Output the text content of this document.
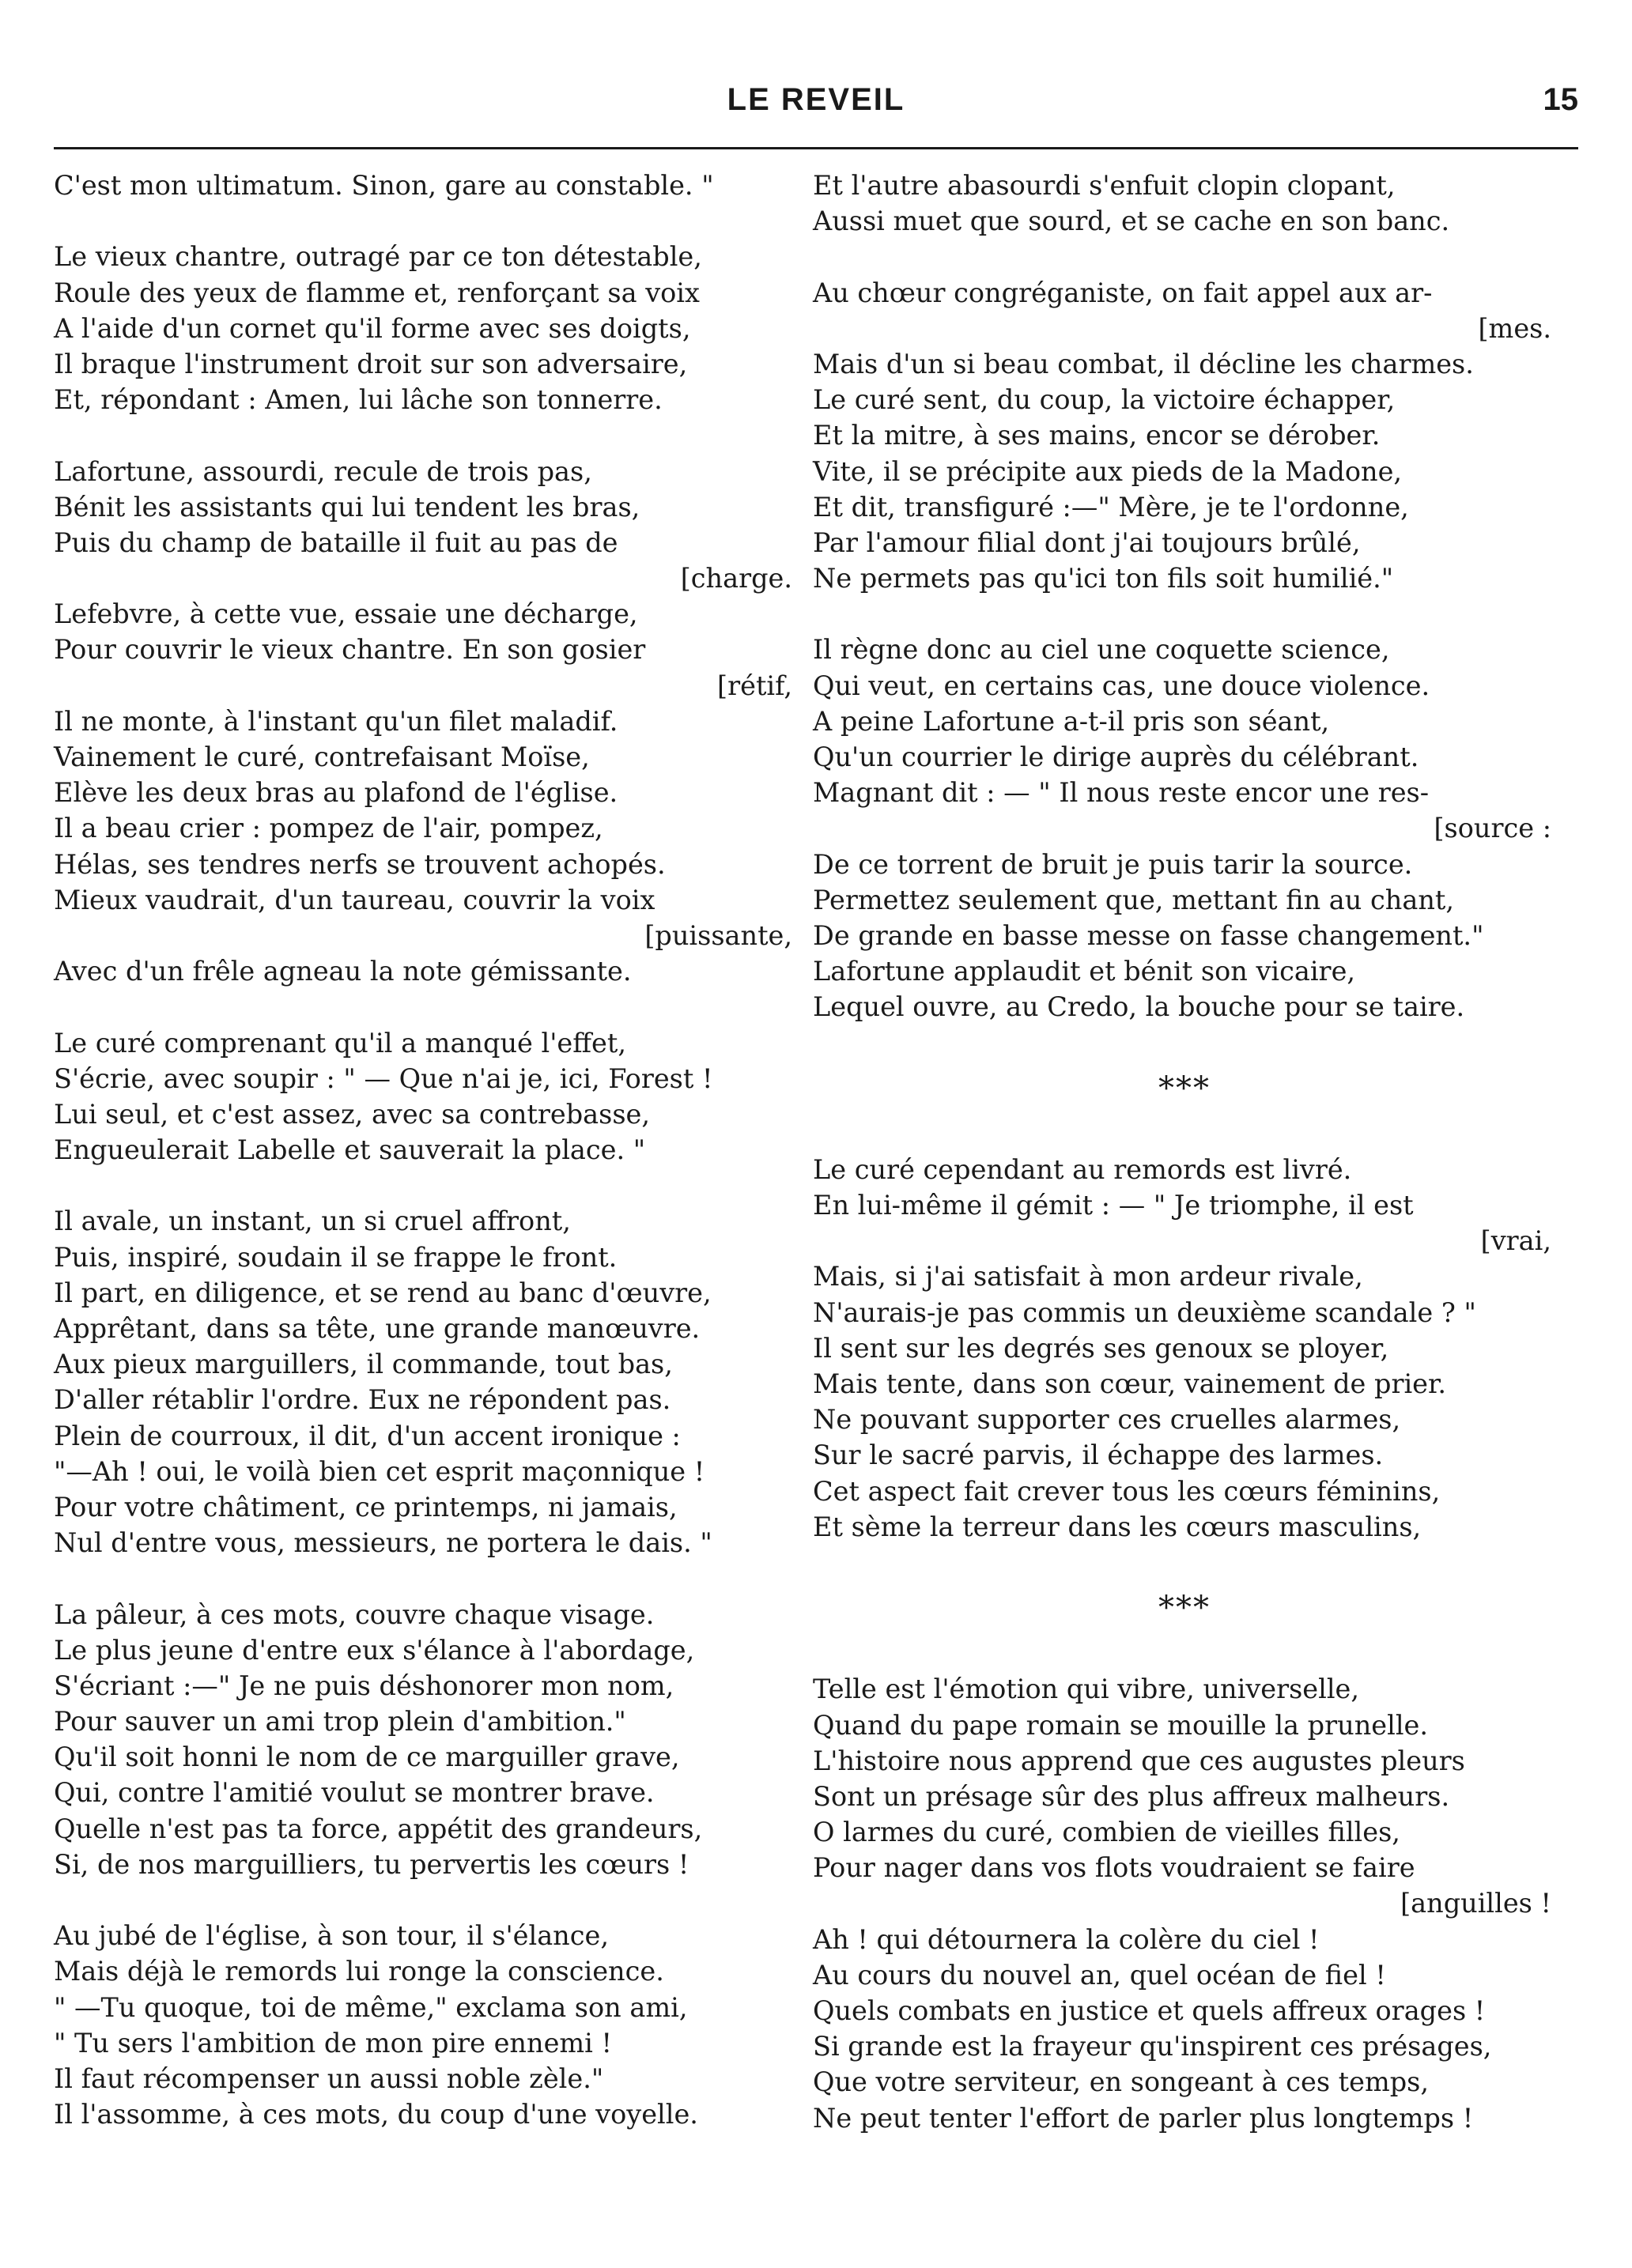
LE REVEIL	15
C'est mon ultimatum. Sinon, gare au constable. "
Le vieux chantre, outragé par ce ton détestable,
Roule des yeux de flamme et, renforçant sa voix
A l'aide d'un cornet qu'il forme avec ses doigts,
Il braque l'instrument droit sur son adversaire,
Et, répondant : Amen, lui lâche son tonnerre.
Lafortune, assourdi, recule de trois pas,
Bénit les assistants qui lui tendent les bras,
Puis du champ de bataille il fuit au pas de
[charge.
Lefebvre, à cette vue, essaie une décharge,
Pour couvrir le vieux chantre. En son gosier
[rétif,
Il ne monte, à l'instant qu'un filet maladif.
Vainement le curé, contrefaisant Moïse,
Elève les deux bras au plafond de l'église.
Il a beau crier : pompez de l'air, pompez,
Hélas, ses tendres nerfs se trouvent achopés.
Mieux vaudrait, d'un taureau, couvrir la voix
[puissante,
Avec d'un frêle agneau la note gémissante.
Le curé comprenant qu'il a manqué l'effet,
S'écrie, avec soupir : " — Que n'ai je, ici, Forest !
Lui seul, et c'est assez, avec sa contrebasse,
Engueulerait Labelle et sauverait la place. "
Il avale, un instant, un si cruel affront,
Puis, inspiré, soudain il se frappe le front.
Il part, en diligence, et se rend au banc d'œuvre,
Apprêtant, dans sa tête, une grande manœuvre.
Aux pieux marguillers, il commande, tout bas,
D'aller rétablir l'ordre. Eux ne répondent pas.
Plein de courroux, il dit, d'un accent ironique :
"—Ah ! oui, le voilà bien cet esprit maçonnique !
Pour votre châtiment, ce printemps, ni jamais,
Nul d'entre vous, messieurs, ne portera le dais. "
La pâleur, à ces mots, couvre chaque visage.
Le plus jeune d'entre eux s'élance à l'abordage,
S'écriant :—" Je ne puis déshonorer mon nom,
Pour sauver un ami trop plein d'ambition."
Qu'il soit honni le nom de ce marguiller grave,
Qui, contre l'amitié voulut se montrer brave.
Quelle n'est pas ta force, appétit des grandeurs,
Si, de nos marguilliers, tu pervertis les cœurs !
Au jubé de l'église, à son tour, il s'élance,
Mais déjà le remords lui ronge la conscience.
" —Tu quoque, toi de même," exclama son ami,
" Tu sers l'ambition de mon pire ennemi !
Il faut récompenser un aussi noble zèle."
Il l'assomme, à ces mots, du coup d'une voyelle.
Et l'autre abasourdi s'enfuit clopin clopant,
Aussi muet que sourd, et se cache en son banc.
Au chœur congréganiste, on fait appel aux ar-
[mes.
Mais d'un si beau combat, il décline les charmes.
Le curé sent, du coup, la victoire échapper,
Et la mitre, à ses mains, encor se dérober.
Vite, il se précipite aux pieds de la Madone,
Et dit, transfiguré :—" Mère, je te l'ordonne,
Par l'amour filial dont j'ai toujours brûlé,
Ne permets pas qu'ici ton fils soit humilié."
Il règne donc au ciel une coquette science,
Qui veut, en certains cas, une douce violence.
A peine Lafortune a-t-il pris son séant,
Qu'un courrier le dirige auprès du célébrant.
Magnant dit : — " Il nous reste encor une res-
[source :
De ce torrent de bruit je puis tarir la source.
Permettez seulement que, mettant fin au chant,
De grande en basse messe on fasse changement."
Lafortune applaudit et bénit son vicaire,
Lequel ouvre, au Credo, la bouche pour se taire.
***
Le curé cependant au remords est livré.
En lui-même il gémit : — " Je triomphe, il est
[vrai,
Mais, si j'ai satisfait à mon ardeur rivale,
N'aurais-je pas commis un deuxième scandale ? "
Il sent sur les degrés ses genoux se ployer,
Mais tente, dans son cœur, vainement de prier.
Ne pouvant supporter ces cruelles alarmes,
Sur le sacré parvis, il échappe des larmes.
Cet aspect fait crever tous les cœurs féminins,
Et sème la terreur dans les cœurs masculins,
***
Telle est l'émotion qui vibre, universelle,
Quand du pape romain se mouille la prunelle.
L'histoire nous apprend que ces augustes pleurs
Sont un présage sûr des plus affreux malheurs.
O larmes du curé, combien de vieilles filles,
Pour nager dans vos flots voudraient se faire
[anguilles !
Ah ! qui détournera la colère du ciel !
Au cours du nouvel an, quel océan de fiel !
Quels combats en justice et quels affreux orages !
Si grande est la frayeur qu'inspirent ces présages,
Que votre serviteur, en songeant à ces temps,
Ne peut tenter l'effort de parler plus longtemps !
